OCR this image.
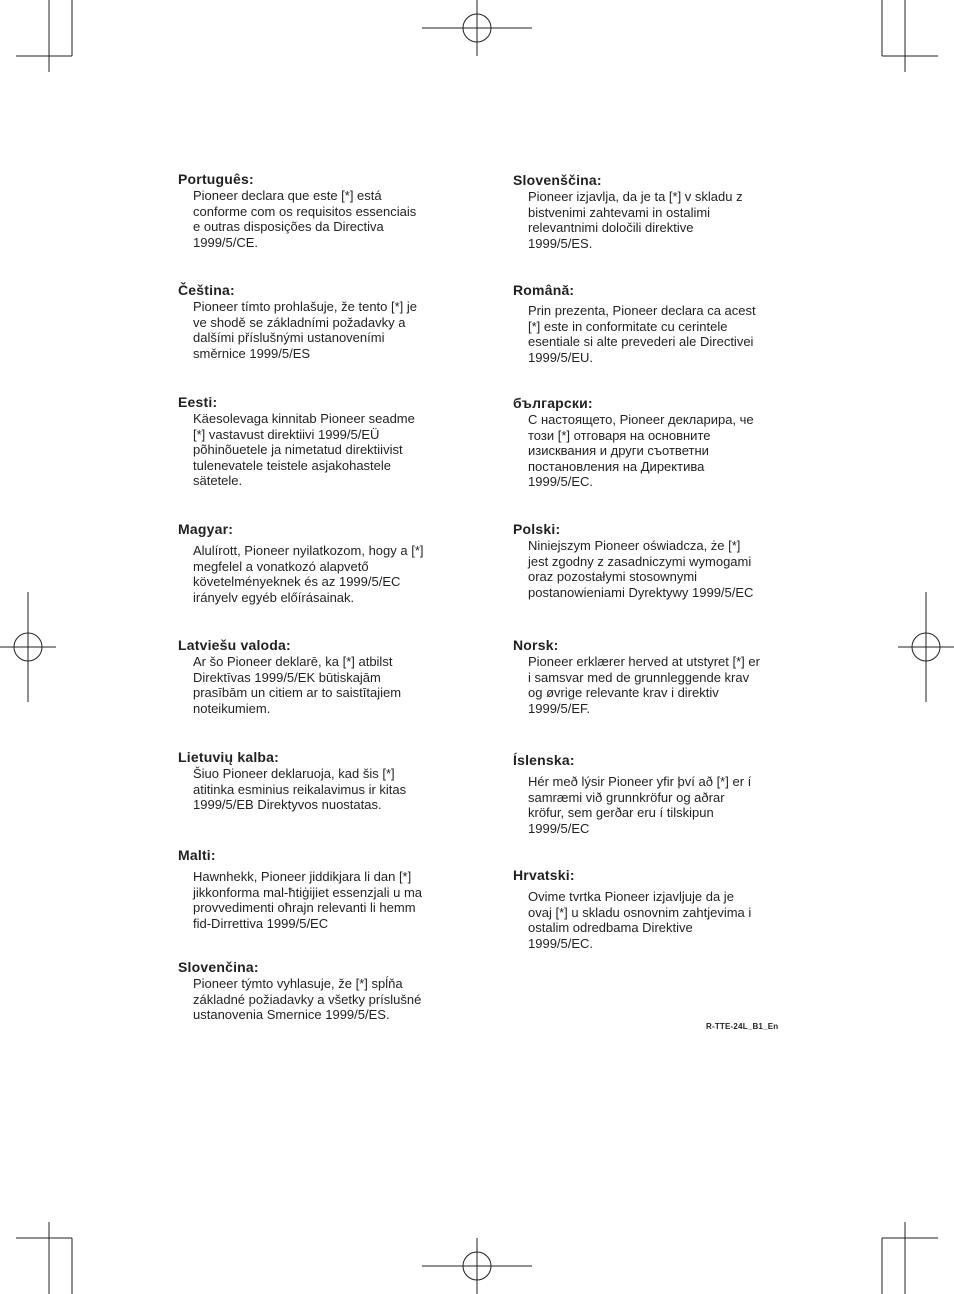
Português:

Pioneer declara que este [*] está
conforme com os requisitos essenciais
e outras disposições da Directiva
1999/5/CE.

Čeština:

Pioneer tímto prohlašuje, že tento [*] je
ve shodě se základními požadavky a
dalšími příslušnými ustanoveními
směrnice 1999/5/ES

Eesti:

Käesolevaga kinnitab Pioneer seadme
[*] vastavust direktiivi 1999/5/EÜ
põhinõuetele ja nimetatud direktiivist
tulenevatele teistele asjakohastele
sätetele.

Magyar:

Alulírott, Pioneer nyilatkozom, hogy a [*]
megfelel a vonatkozó alapvető
követelményeknek és az 1999/5/EC
irányelv egyéb előírásainak.

Latviešu valoda:

Ar šo Pioneer deklarē, ka [*] atbilst
Direktīvas 1999/5/EK būtiskajām
prasībām un citiem ar to saistītajiem
noteikumiem.

Lietuvių kalba:

Šiuo Pioneer deklaruoja, kad šis [*]
atitinka esminius reikalavimus ir kitas
1999/5/EB Direktyvos nuostatas.

Malti:

Hawnhekk, Pioneer jiddikjara li dan [*]
jikkonforma mal-ħtiġijiet essenzjali u ma
provvedimenti oħrajn relevanti li hemm
fid-Dirrettiva 1999/5/EC

Slovenčina:

Pioneer týmto vyhlasuje, že [*] spĺňa
základné požiadavky a všetky príslušné
ustanovenia Smernice 1999/5/ES.

Slovenščina:

Pioneer izjavlja, da je ta [*] v skladu z
bistvenimi zahtevami in ostalimi
relevantnimi določili direktive
1999/5/ES.

Română:

Prin prezenta, Pioneer declara ca acest
[*] este in conformitate cu cerintele
esentiale si alte prevederi ale Directivei
1999/5/EU.

български:

С настоящето, Pioneer декларира, че
този [*] отговаря на основните
изисквания и други съответни
постановления на Директива
1999/5/EC.

Polski:

Niniejszym Pioneer oświadcza, że [*]
jest zgodny z zasadniczymi wymogami
oraz pozostałymi stosownymi
postanowieniami Dyrektywy 1999/5/EC

Norsk:

Pioneer erklærer herved at utstyret [*] er
i samsvar med de grunnleggende krav
og øvrige relevante krav i direktiv
1999/5/EF.

Íslenska:

Hér með lýsir Pioneer yfir því að [*] er í
samræmi við grunnkröfur og aðrar
kröfur, sem gerðar eru í tilskipun
1999/5/EC

Hrvatski:

Ovime tvrtka Pioneer izjavljuje da je
ovaj [*] u skladu osnovnim zahtjevima i
ostalim odredbama Direktive
1999/5/EC.

R-TTE-24L_B1_En
